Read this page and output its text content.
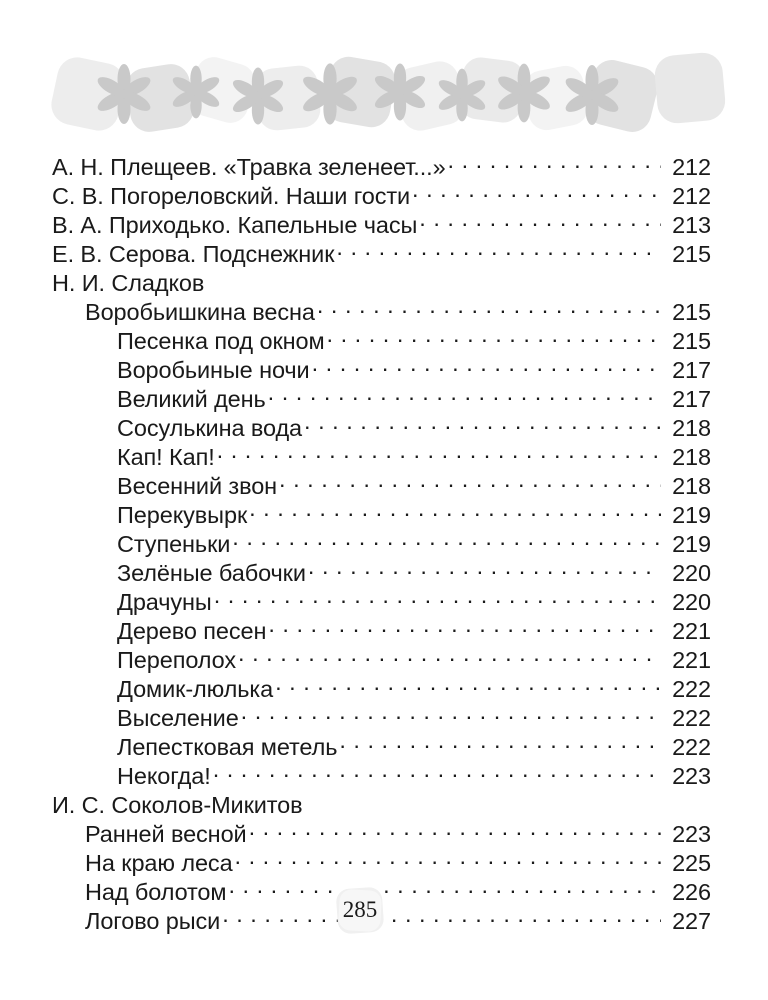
А. Н. Плещеев. «Травка зеленеет...» . . .	212
С. В. Погореловский. Наши гости . . .	212
В. А. Приходько. Капельные часы . . .	213
Е. В. Серова. Подснежник . . .	215
Н. И. Сладков
Воробьишкина весна . . .	215
Песенка под окном . . .	215
Воробьиные ночи . . .	217
Великий день . . .	217
Сосулькина вода . . .	218
Кап! Кап! . . .	218
Весенний звон . . .	218
Перекувырк . . .	219
Ступеньки . . .	219
Зелёные бабочки . . .	220
Драчуны . . .	220
Дерево песен . . .	221
Переполох . . .	221
Домик-люлька . . .	222
Выселение . . .	222
Лепестковая метель . . .	222
Некогда! . . .	223
И. С. Соколов-Микитов
Ранней весной . . .	223
На краю леса . . .	225
Над болотом . . .	226
Логово рыси . . .	227
285
